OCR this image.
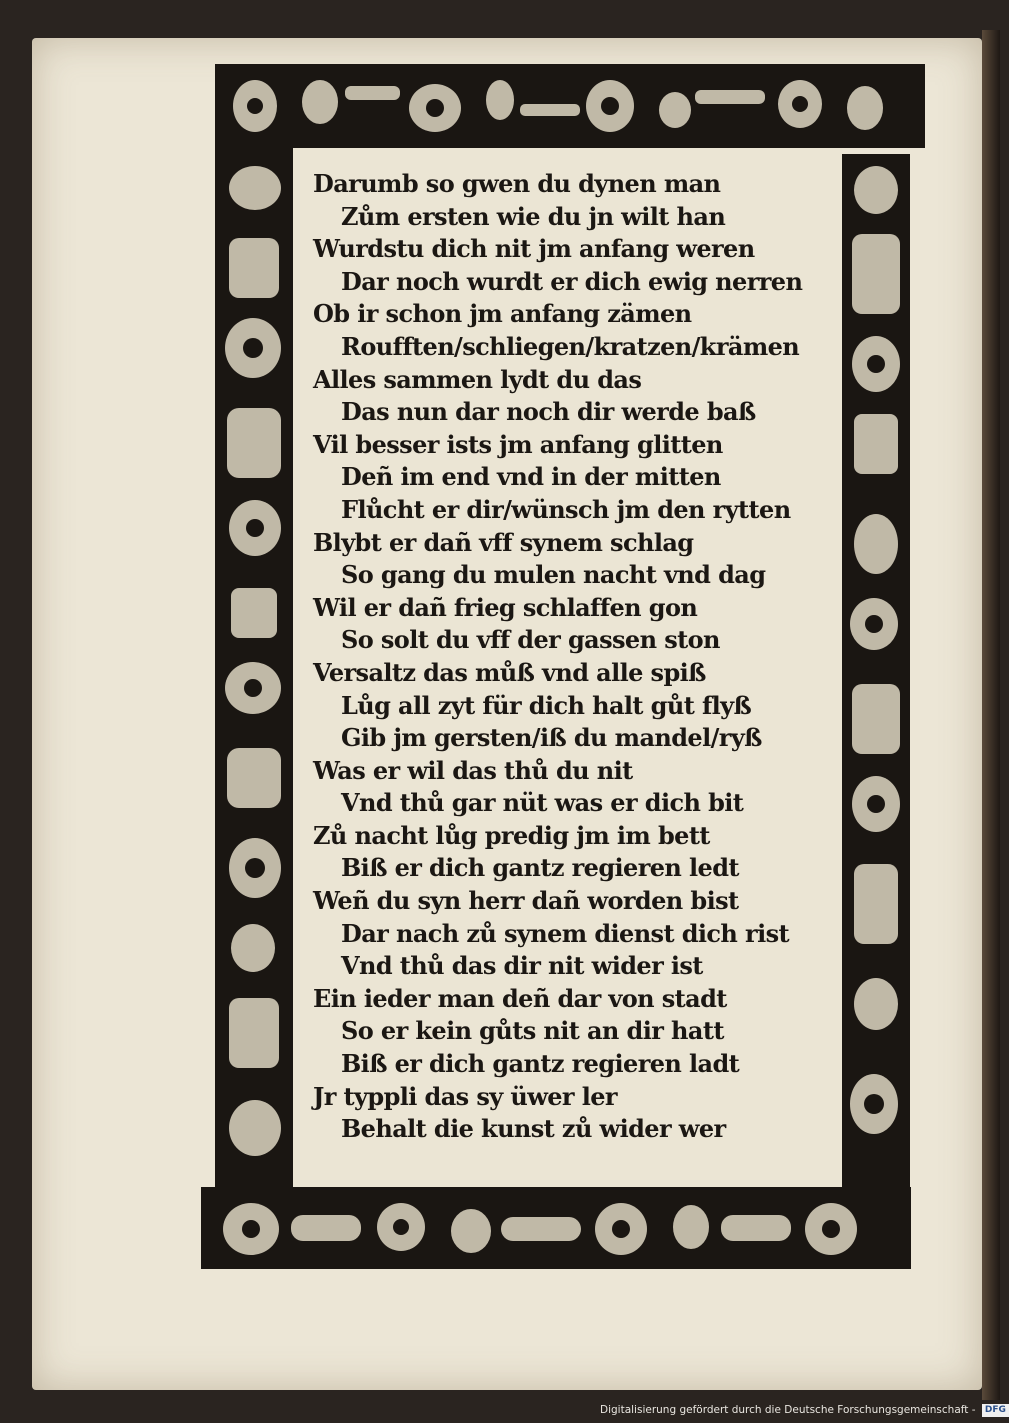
Darumb so gwen du dynen man
Zům ersten wie du jn wilt han
Wurdstu dich nit jm anfang weren
Dar noch wurdt er dich ewig nerren
Ob ir schon jm anfang zämen
Roufften/schliegen/kratzen/krämen
Alles sammen lydt du das
Das nun dar noch dir werde baß
Vil besser ists jm anfang glitten
Deñ im end vnd in der mitten
Flůcht er dir/wünsch jm den rytten
Blybt er dañ vff synem schlag
So gang du mulen nacht vnd dag
Wil er dañ frieg schlaffen gon
So solt du vff der gassen ston
Versaltz das můß vnd alle spiß
Lůg all zyt für dich halt gůt flyß
Gib jm gersten/iß du mandel/ryß
Was er wil das thů du nit
Vnd thů gar nüt was er dich bit
Zů nacht lůg predig jm im bett
Biß er dich gantz regieren ledt
Weñ du syn herr dañ worden bist
Dar nach zů synem dienst dich rist
Vnd thů das dir nit wider ist
Ein ieder man deñ dar von stadt
So er kein gůts nit an dir hatt
Biß er dich gantz regieren ladt
Jr typpli das sy üwer ler
Behalt die kunst zů wider wer
Digitalisierung gefördert durch die Deutsche Forschungsgemeinschaft - DFG
